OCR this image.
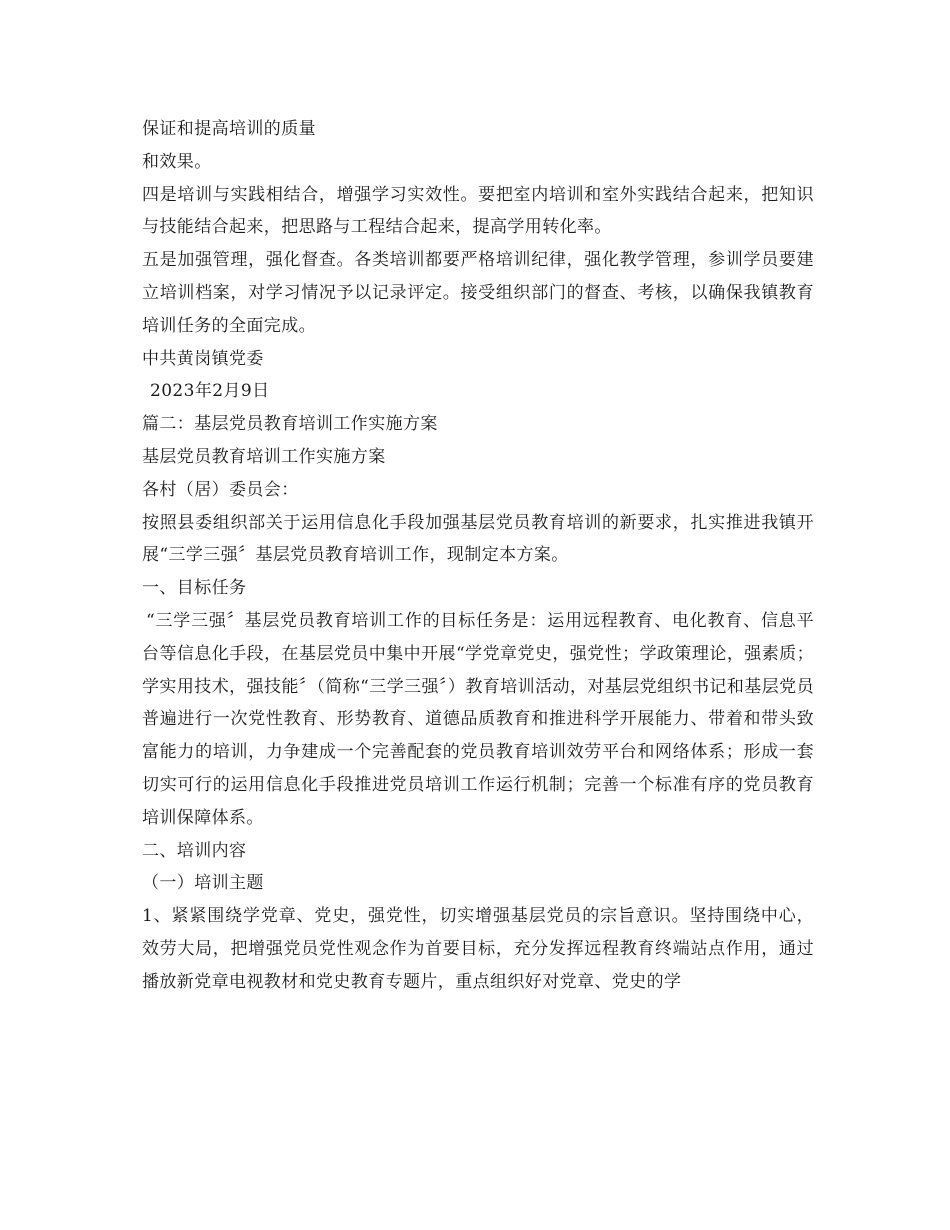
保证和提高培训的质量

和效果。

四是培训与实践相结合，增强学习实效性。要把室内培训和室外实践结合起来，把知识与技能结合起来，把思路与工程结合起来，提高学用转化率。

五是加强管理，强化督查。各类培训都要严格培训纪律，强化教学管理，参训学员要建立培训档案，对学习情况予以记录评定。接受组织部门的督查、考核，以确保我镇教育培训任务的全面完成。

中共黄岗镇党委

2023年2月9日

篇二：基层党员教育培训工作实施方案

基层党员教育培训工作实施方案

各村（居）委员会：

按照县委组织部关于运用信息化手段加强基层党员教育培训的新要求，扎实推进我镇开展“三学三强〞基层党员教育培训工作，现制定本方案。

一、目标任务

“三学三强〞基层党员教育培训工作的目标任务是：运用远程教育、电化教育、信息平台等信息化手段，在基层党员中集中开展“学党章党史，强党性；学政策理论，强素质；学实用技术，强技能〞（简称“三学三强〞）教育培训活动，对基层党组织书记和基层党员普遍进行一次党性教育、形势教育、道德品质教育和推进科学开展能力、带着和带头致富能力的培训，力争建成一个完善配套的党员教育培训效劳平台和网络体系；形成一套切实可行的运用信息化手段推进党员培训工作运行机制；完善一个标准有序的党员教育培训保障体系。

二、培训内容

（一）培训主题

1、紧紧围绕学党章、党史，强党性，切实增强基层党员的宗旨意识。坚持围绕中心，效劳大局，把增强党员党性观念作为首要目标，充分发挥远程教育终端站点作用，通过播放新党章电视教材和党史教育专题片，重点组织好对党章、党史的学
